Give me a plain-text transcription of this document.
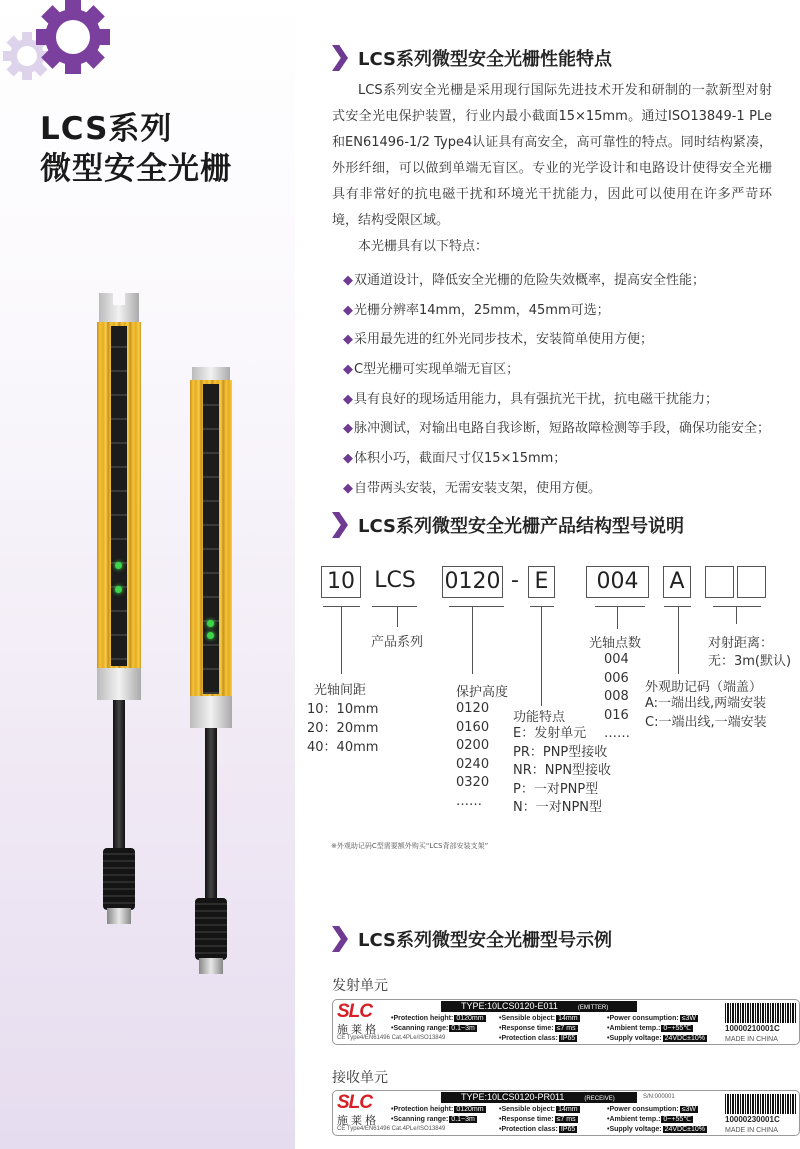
LCS系列
微型安全光栅
LCS系列微型安全光栅性能特点

LCS系列安全光栅是采用现行国际先进技术开发和研制的一款新型对射式安全光电保护装置，行业内最小截面15×15mm。通过ISO13849-1 PLe和EN61496-1/2 Type4认证具有高安全，高可靠性的特点。同时结构紧凑，外形纤细，可以做到单端无盲区。专业的光学设计和电路设计使得安全光栅具有非常好的抗电磁干扰和环境光干扰能力，因此可以使用在许多严苛环境，结构受限区域。

本光栅具有以下特点：

◆ 双通道设计，降低安全光栅的危险失效概率，提高安全性能；
◆ 光栅分辨率14mm，25mm，45mm可选；
◆ 采用最先进的红外光同步技术，安装简单使用方便；
◆ C型光栅可实现单端无盲区；
◆ 具有良好的现场适用能力，具有强抗光干扰，抗电磁干扰能力；
◆ 脉冲测试，对输出电路自我诊断，短路故障检测等手段，确保功能安全；
◆ 体积小巧，截面尺寸仅15×15mm；
◆ 自带两头安装，无需安装支架，使用方便。
LCS系列微型安全光栅产品结构型号说明
10 LCS 0120 - E	004	A
产品系列
光轴间距
10：10mm
20：20mm
40：40mm
保护高度
0120
0160
0200
0240
0320
……
功能特点
E：发射单元
PR：PNP型接收
NR：NPN型接收
P：一对PNP型
N：一对NPN型
光轴点数
004
006
008
016
……
外观助记码（端盖）
A:一端出线,两端安装
C:一端出线,一端安装
对射距离：
无：3m(默认)
※外观助记码C型需要额外购买“LCS背部安装支架”
LCS系列微型安全光栅型号示例
发射单元
SLC
施 莱 格
CE Type4/EN61496 Cat.4PLe/ISO13849
TYPE:10LCS0120-E011	(EMITTER)
•Protection height: 0120mm •Sensible object: 14mm	•Power consumption: ≤3W
•Scanning range: 0.1~3m	•Response time: ≤7 ms	•Ambient temp.: 0~+55℃
•Protection class: IP65	•Supply voltage: 24VDC±10%
10000210001C
MADE IN CHINA
接收单元
SLC
施 莱 格
CE Type4/EN61496 Cat.4PLe/ISO13849
TYPE:10LCS0120-PR011	(RECEIVE)	S/N:000001
•Protection height: 0120mm •Sensible object: 14mm	•Power consumption: ≤3W
•Scanning range: 0.1~3m	•Response time: ≤7 ms	•Ambient temp.: 0~+55℃
•Protection class: IP65	•Supply voltage: 24VDC±10%
10000230001C
MADE IN CHINA
